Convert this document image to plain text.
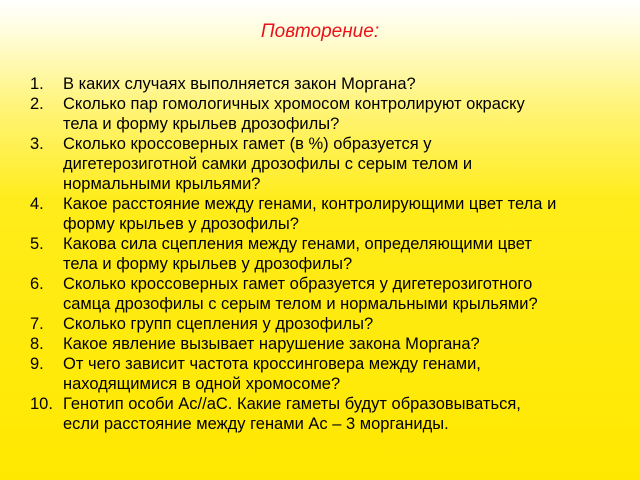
Повторение:
1. В каких случаях выполняется закон Моргана?
2. Сколько пар гомологичных хромосом контролируют окраску
тела и форму крыльев дрозофилы?
3. Сколько кроссоверных гамет (в %) образуется у
дигетерозиготной самки дрозофилы с серым телом и
нормальными крыльями?
4. Какое расстояние между генами, контролирующими цвет тела и
форму крыльев у дрозофилы?
5. Какова сила сцепления между генами, определяющими цвет
тела и форму крыльев у дрозофилы?
6. Сколько кроссоверных гамет образуется у дигетерозиготного
самца дрозофилы с серым телом и нормальными крыльями?
7. Сколько групп сцепления у дрозофилы?
8. Какое явление вызывает нарушение закона Моргана?
9. От чего зависит частота кроссинговера между генами,
находящимися в одной хромосоме?
10. Генотип особи Ас//аС. Какие гаметы будут образовываться,
если расстояние между генами Ас – 3 морганиды.
